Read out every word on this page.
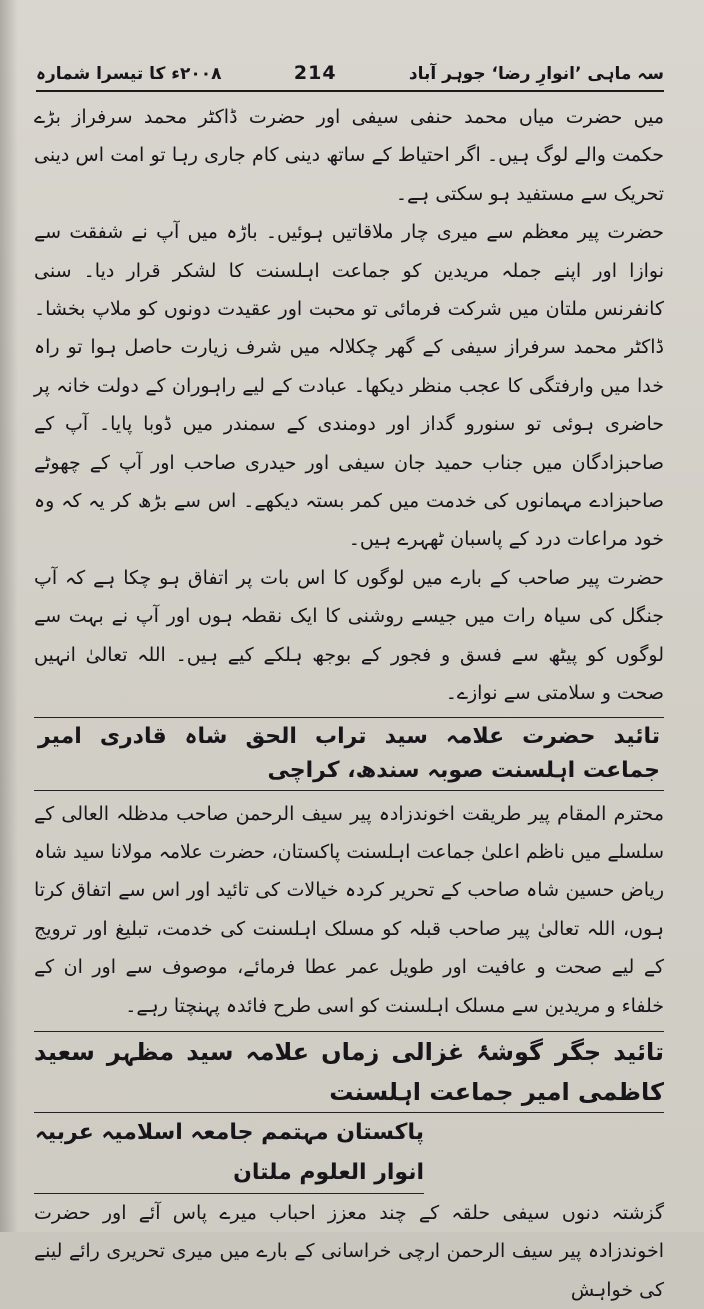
سہ ماہی ’انوارِ رضا‘ جوہر آباد
214
۲۰۰۸ء کا تیسرا شمارہ

میں حضرت میاں محمد حنفی سیفی اور حضرت ڈاکٹر محمد سرفراز بڑے حکمت والے لوگ ہیں۔ اگر احتیاط کے ساتھ دینی کام جاری رہا تو امت اس دینی تحریک سے مستفید ہو سکتی ہے۔

حضرت پیر معظم سے میری چار ملاقاتیں ہوئیں۔ باڑہ میں آپ نے شفقت سے نوازا اور اپنے جملہ مریدین کو جماعت اہلسنت کا لشکر قرار دیا۔ سنی کانفرنس ملتان میں شرکت فرمائی تو محبت اور عقیدت دونوں کو ملاپ بخشا۔ ڈاکٹر محمد سرفراز سیفی کے گھر چکلالہ میں شرف زیارت حاصل ہوا تو راہ خدا میں وارفتگی کا عجب منظر دیکھا۔ عبادت کے لیے راہوران کے دولت خانہ پر حاضری ہوئی تو سنورو گداز اور دومندی کے سمندر میں ڈوبا پایا۔ آپ کے صاحبزادگان میں جناب حمید جان سیفی اور حیدری صاحب اور آپ کے چھوٹے صاحبزادے مہمانوں کی خدمت میں کمر بستہ دیکھے۔ اس سے بڑھ کر یہ کہ وہ خود مراعات درد کے پاسبان ٹھہرے ہیں۔

حضرت پیر صاحب کے بارے میں لوگوں کا اس بات پر اتفاق ہو چکا ہے کہ آپ جنگل کی سیاہ رات میں جیسے روشنی کا ایک نقطہ ہوں اور آپ نے بہت سے لوگوں کو پیٹھ سے فسق و فجور کے بوجھ ہلکے کیے ہیں۔ اللہ تعالیٰ انہیں صحت و سلامتی سے نوازے۔

تائید حضرت علامہ سید تراب الحق شاہ قادری امیر جماعت اہلسنت صوبہ سندھ، کراچی

محترم المقام پیر طریقت اخوندزادہ پیر سیف الرحمن صاحب مدظلہ العالی کے سلسلے میں ناظم اعلیٰ جماعت اہلسنت پاکستان، حضرت علامہ مولانا سید شاہ ریاض حسین شاہ صاحب کے تحریر کردہ خیالات کی تائید اور اس سے اتفاق کرتا ہوں، اللہ تعالیٰ پیر صاحب قبلہ کو مسلک اہلسنت کی خدمت، تبلیغ اور ترویج کے لیے صحت و عافیت اور طویل عمر عطا فرمائے، موصوف سے اور ان کے خلفاء و مریدین سے مسلک اہلسنت کو اسی طرح فائدہ پہنچتا رہے۔

تائید جگر گوشۂ غزالی زماں علامہ سید مظہر سعید کاظمی امیر جماعت اہلسنت
پاکستان مہتمم جامعہ اسلامیہ عربیہ انوار العلوم ملتان

گزشتہ دنوں سیفی حلقہ کے چند معزز احباب میرے پاس آئے اور حضرت اخوندزادہ پیر سیف الرحمن ارچی خراسانی کے بارے میں میری تحریری رائے لینے کی خواہش
